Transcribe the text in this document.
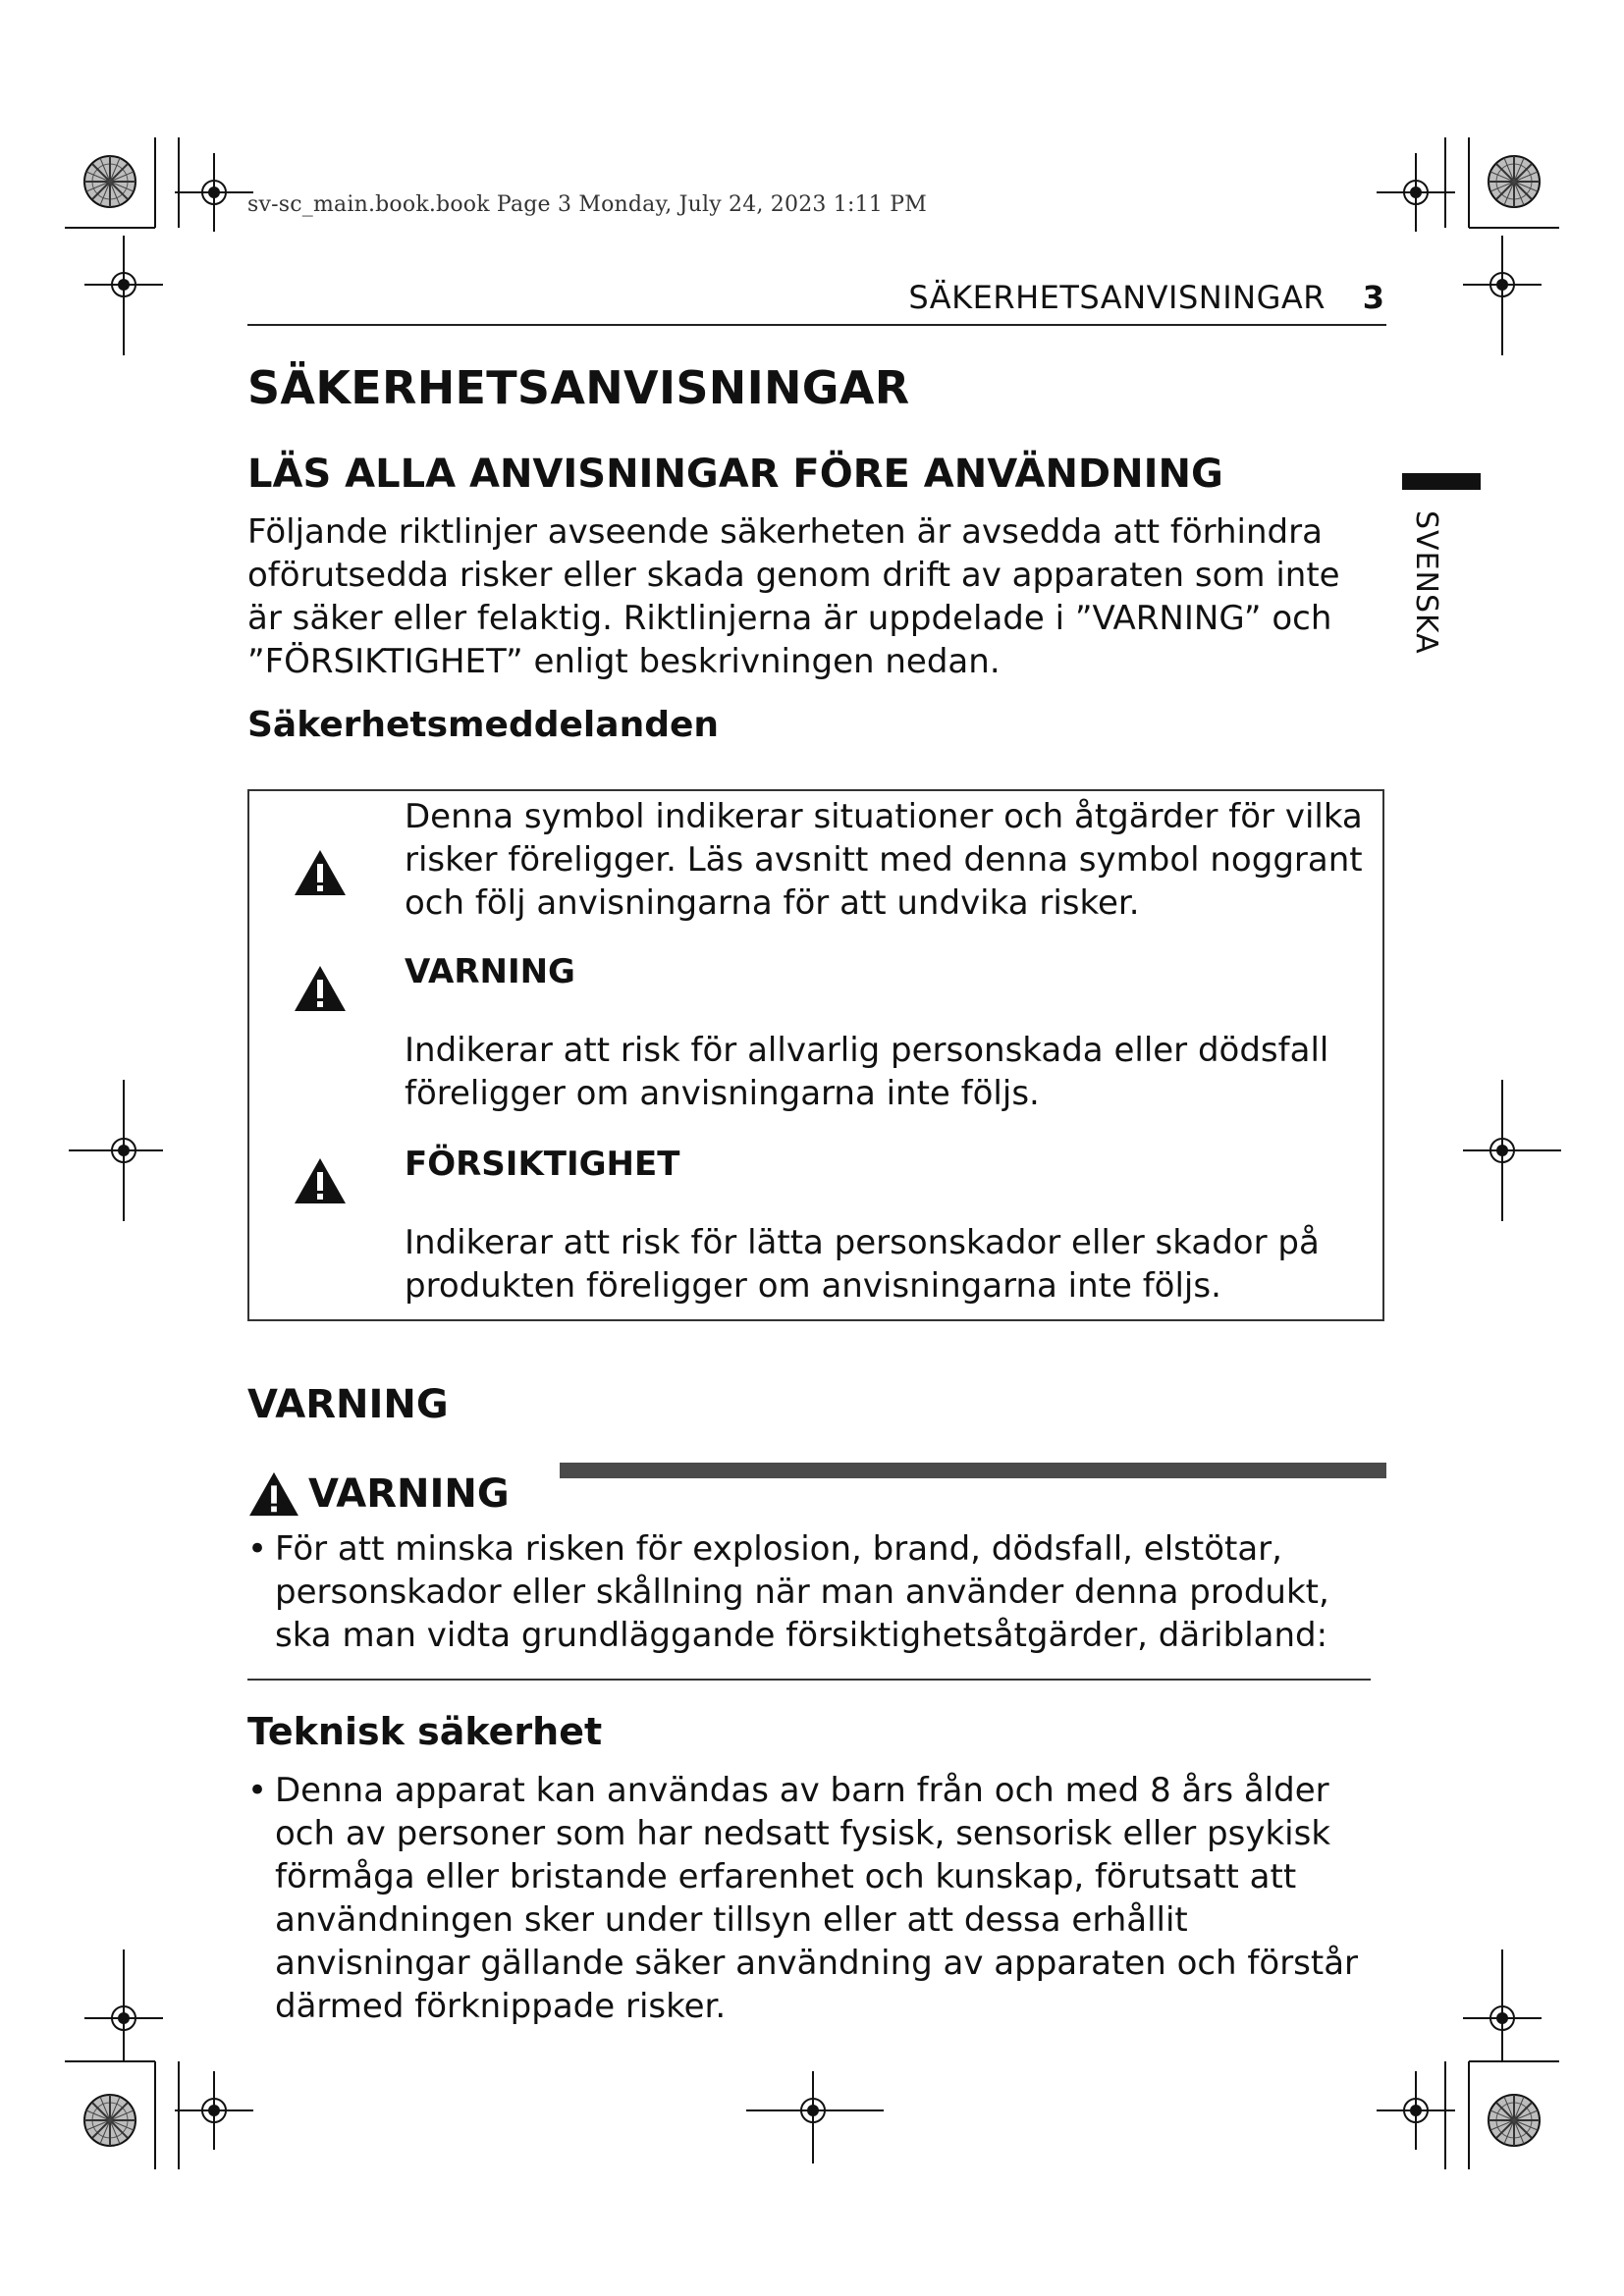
sv-sc_main.book.book Page 3 Monday, July 24, 2023 1:11 PM
SÄKERHETSANVISNINGAR 3
SVENSKA
SÄKERHETSANVISNINGAR
LÄS ALLA ANVISNINGAR FÖRE ANVÄNDNING

Följande riktlinjer avseende säkerheten är avsedda att förhindra oförutsedda risker eller skada genom drift av apparaten som inte är säker eller felaktig. Riktlinjerna är uppdelade i ”VARNING” och ”FÖRSIKTIGHET” enligt beskrivningen nedan.

Säkerhetsmeddelanden
Denna symbol indikerar situationer och åtgärder för vilka risker föreligger. Läs avsnitt med denna symbol noggrant och följ anvisningarna för att undvika risker.
VARNING
Indikerar att risk för allvarlig personskada eller dödsfall föreligger om anvisningarna inte följs.
FÖRSIKTIGHET
Indikerar att risk för lätta personskador eller skador på produkten föreligger om anvisningarna inte följs.
VARNING
VARNING
• För att minska risken för explosion, brand, dödsfall, elstötar, personskador eller skållning när man använder denna produkt, ska man vidta grundläggande försiktighetsåtgärder, däribland:
Teknisk säkerhet
• Denna apparat kan användas av barn från och med 8 års ålder och av personer som har nedsatt fysisk, sensorisk eller psykisk förmåga eller bristande erfarenhet och kunskap, förutsatt att användningen sker under tillsyn eller att dessa erhållit anvisningar gällande säker användning av apparaten och förstår därmed förknippade risker.
